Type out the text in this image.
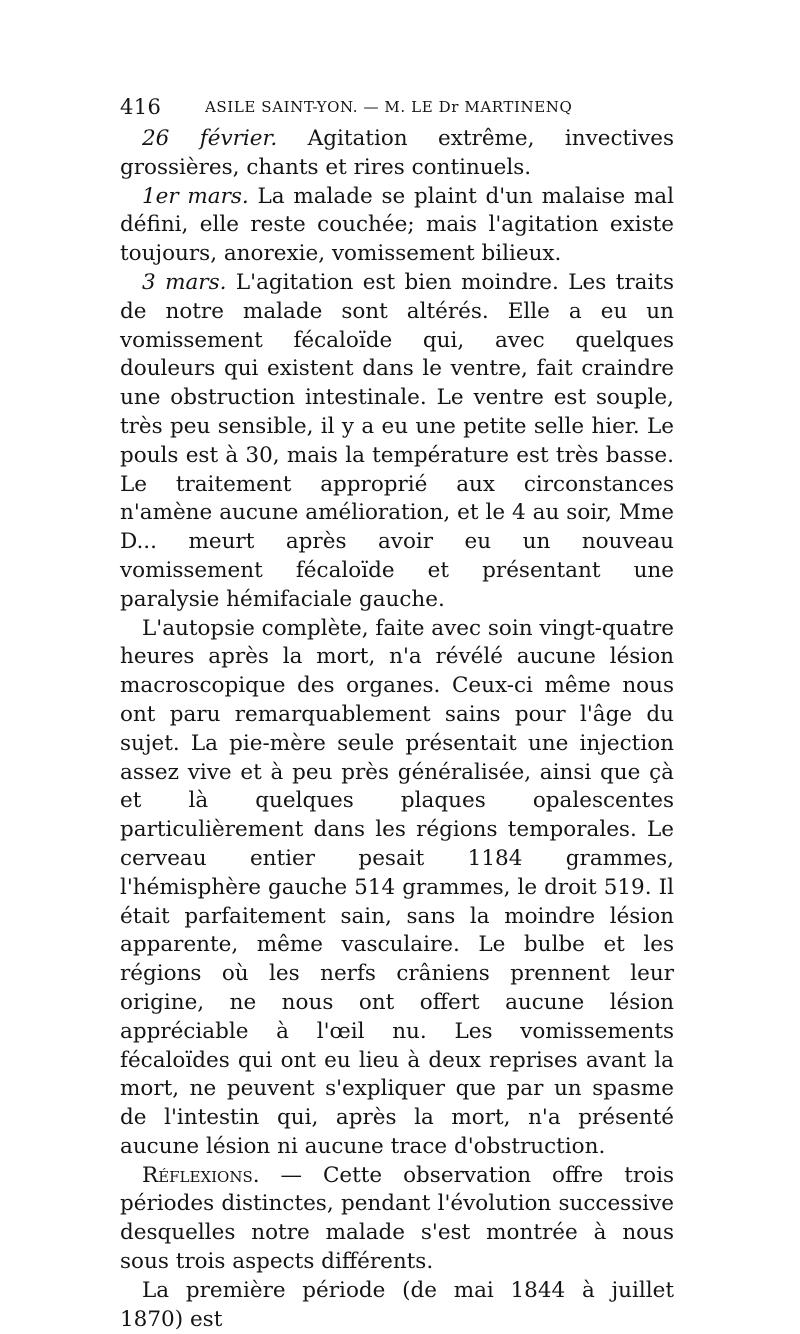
416	ASILE SAINT-YON. — M. LE Dr MARTINENQ

26 février. Agitation extrême, invectives grossières, chants et rires continuels.

1er mars. La malade se plaint d'un malaise mal défini, elle reste couchée; mais l'agitation existe toujours, anorexie, vomissement bilieux.

3 mars. L'agitation est bien moindre. Les traits de notre malade sont altérés. Elle a eu un vomissement fécaloïde qui, avec quelques douleurs qui existent dans le ventre, fait craindre une obstruction intestinale. Le ventre est souple, très peu sensible, il y a eu une petite selle hier. Le pouls est à 30, mais la température est très basse. Le traitement approprié aux circonstances n'amène aucune amélioration, et le 4 au soir, Mme D... meurt après avoir eu un nouveau vomissement fécaloïde et présentant une paralysie hémifaciale gauche.

L'autopsie complète, faite avec soin vingt-quatre heures après la mort, n'a révélé aucune lésion macroscopique des organes. Ceux-ci même nous ont paru remarquablement sains pour l'âge du sujet. La pie-mère seule présentait une injection assez vive et à peu près généralisée, ainsi que çà et là quelques plaques opalescentes particulièrement dans les régions temporales. Le cerveau entier pesait 1184 grammes, l'hémisphère gauche 514 grammes, le droit 519. Il était parfaitement sain, sans la moindre lésion apparente, même vasculaire. Le bulbe et les régions où les nerfs crâniens prennent leur origine, ne nous ont offert aucune lésion appréciable à l'œil nu. Les vomissements fécaloïdes qui ont eu lieu à deux reprises avant la mort, ne peuvent s'expliquer que par un spasme de l'intestin qui, après la mort, n'a présenté aucune lésion ni aucune trace d'obstruction.

Réflexions. — Cette observation offre trois périodes distinctes, pendant l'évolution successive desquelles notre malade s'est montrée à nous sous trois aspects différents.

La première période (de mai 1844 à juillet 1870) est
